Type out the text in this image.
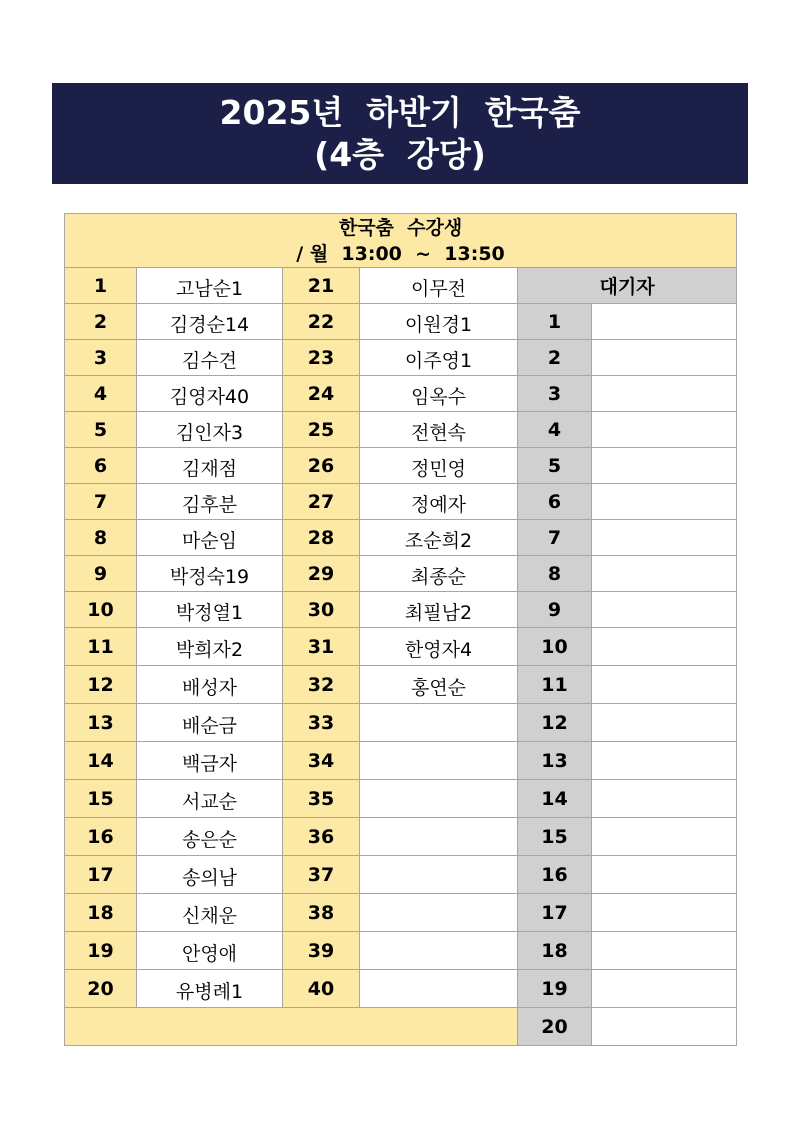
2025년  하반기  한국춤
(4층  강당)
한국춤  수강생
/ 월  13:00  ~  13:50					

1	고남순1	21	이무전	대기자	
2	김경순14	22	이원경1	1	
3	김수견	23	이주영1	2	
4	김영자40	24	임옥수	3	
5	김인자3	25	전현속	4	
6	김재점	26	정민영	5	
7	김후분	27	정예자	6	
8	마순임	28	조순희2	7	
9	박정숙19	29	최종순	8	
10	박정열1	30	최필남2	9	
11	박희자2	31	한영자4	10	
12	배성자	32	홍연순	11	
13	배순금	33		12	
14	백금자	34		13	
15	서교순	35		14	
16	송은순	36		15	
17	송의남	37		16	
18	신채운	38		17	
19	안영애	39		18	
20	유병례1	40		19	
				20	
